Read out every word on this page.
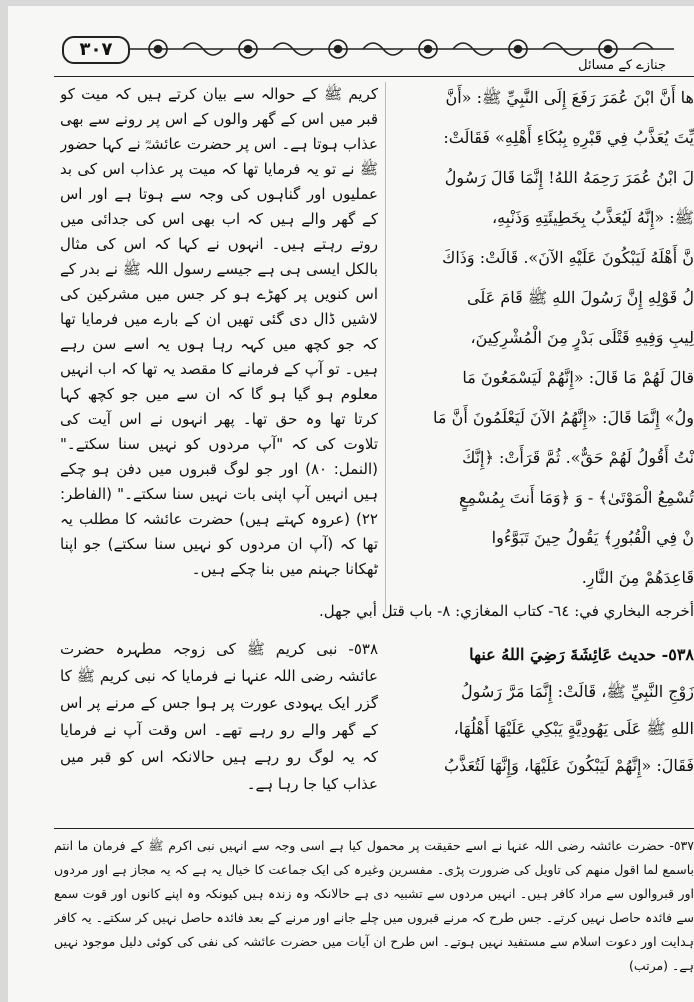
٣٠٧
جنازے کے مسائل

ها أَنَّ ابْنَ عُمَرَ رَفَعَ إِلَى النَّبِيِّ ﷺ: «أَنَّ

يِّتَ يُعَذَّبُ فِي قَبْرِهِ بِبُكَاءِ أَهْلِهِ» فَقَالَتْ:

لَ ابْنُ عُمَرَ رَحِمَهُ اللهُ! إِنَّمَا قَالَ رَسُولُ

ﷺ: «إِنَّهُ لَيُعَذَّبُ بِخَطِيئَتِهِ وَذَنْبِهِ،

نَّ أَهْلَهُ لَيَبْكُونَ عَلَيْهِ الآنَ». قَالَتْ: وَذَاكَ

لُ قَوْلِهِ إِنَّ رَسُولَ اللهِ ﷺ قَامَ عَلَى

لِيبِ وَفِيهِ قَتْلَى بَدْرٍ مِنَ الْمُشْرِكِينَ،

قالَ لَهُمْ مَا قَالَ: «إِنَّهُمْ لَيَسْمَعُونَ مَا

ولُ» إِنَّمَا قَالَ: «إِنَّهُمُ الآنَ لَيَعْلَمُونَ أَنَّ مَا

نْتُ أَقُولُ لَهُمْ حَقٌّ». ثُمَّ قَرَأَتْ: ﴿إِنَّكَ

تُسْمِعُ الْمَوْتَىٰ﴾ - وَ ﴿وَمَا أَنتَ بِمُسْمِعٍ

نْ فِي الْقُبُورِ﴾ يَقُولُ حِينَ تَبَوَّءُوا

قَاعِدَهُمْ مِنَ النَّارِ.

کریم ﷺ کے حوالہ سے بیان کرتے ہیں کہ میت کو قبر میں اس کے گھر والوں کے اس پر رونے سے بھی عذاب ہوتا ہے۔ اس پر حضرت عائشہؓ نے کہا حضور ﷺ نے تو یہ فرمایا تھا کہ میت پر عذاب اس کی بد عملیوں اور گناہوں کی وجہ سے ہوتا ہے اور اس کے گھر والے ہیں کہ اب بھی اس کی جدائی میں روتے رہتے ہیں۔ انہوں نے کہا کہ اس کی مثال بالکل ایسی ہی ہے جیسے رسول اللہ ﷺ نے بدر کے اس کنویں پر کھڑے ہو کر جس میں مشرکین کی لاشیں ڈال دی گئی تھیں ان کے بارے میں فرمایا تھا کہ جو کچھ میں کہہ رہا ہوں یہ اسے سن رہے ہیں۔ تو آپ کے فرمانے کا مقصد یہ تھا کہ اب انہیں معلوم ہو گیا ہو گا کہ ان سے میں جو کچھ کہا کرتا تھا وہ حق تھا۔ پھر انہوں نے اس آیت کی تلاوت کی کہ "آپ مردوں کو نہیں سنا سکتے۔" (النمل: ٨٠) اور جو لوگ قبروں میں دفن ہو چکے ہیں انہیں آپ اپنی بات نہیں سنا سکتے۔" (الفاطر: ٢٢) (عروہ کہتے ہیں) حضرت عائشہ کا مطلب یہ تھا کہ (آپ ان مردوں کو نہیں سنا سکتے) جو اپنا ٹھکانا جہنم میں بنا چکے ہیں۔

أخرجه البخاري في: ٦٤- كتاب المغازي: ٨- باب قتل أبي جهل.

٥٣٨- حديث عَائِشَةَ رَضِيَ اللهُ عنها

زَوْجِ النَّبِيِّ ﷺ، قَالَتْ: إِنَّمَا مَرَّ رَسُولُ

اللهِ ﷺ عَلَى يَهُودِيَّةٍ يَبْكِي عَلَيْهَا أَهْلُهَا،

فَقَالَ: «إِنَّهُمْ لَيَبْكُونَ عَلَيْهَا، وَإِنَّهَا لَتُعَذَّبُ

٥٣٨- نبی کریم ﷺ کی زوجہ مطہرہ حضرت عائشہ رضی اللہ عنہا نے فرمایا کہ نبی کریم ﷺ کا گزر ایک یہودی عورت پر ہوا جس کے مرنے پر اس کے گھر والے رو رہے تھے۔ اس وقت آپ نے فرمایا کہ یہ لوگ رو رہے ہیں حالانکہ اس کو قبر میں عذاب کیا جا رہا ہے۔

٥٣٧- حضرت عائشہ رضی اللہ عنہا نے اسے حقیقت پر محمول کیا ہے اسی وجہ سے انہیں نبی اکرم ﷺ کے فرمان ما انتم باسمع لما اقول منهم کی تاویل کی ضرورت پڑی۔ مفسرین وغیرہ کی ایک جماعت کا خیال یہ ہے کہ یہ مجاز ہے اور مردوں اور قبروالوں سے مراد کافر ہیں۔ انہیں مردوں سے تشبیہ دی ہے حالانکہ وہ زندہ ہیں کیونکہ وہ اپنے کانوں اور قوت سمع سے فائدہ حاصل نہیں کرتے۔ جس طرح کہ مرنے قبروں میں چلے جانے اور مرنے کے بعد فائدہ حاصل نہیں کر سکتے۔ یہ کافر ہدایت اور دعوت اسلام سے مستفید نہیں ہوتے۔ اس طرح ان آیات میں حضرت عائشہ کی نفی کی کوئی دلیل موجود نہیں ہے۔ (مرتب)
